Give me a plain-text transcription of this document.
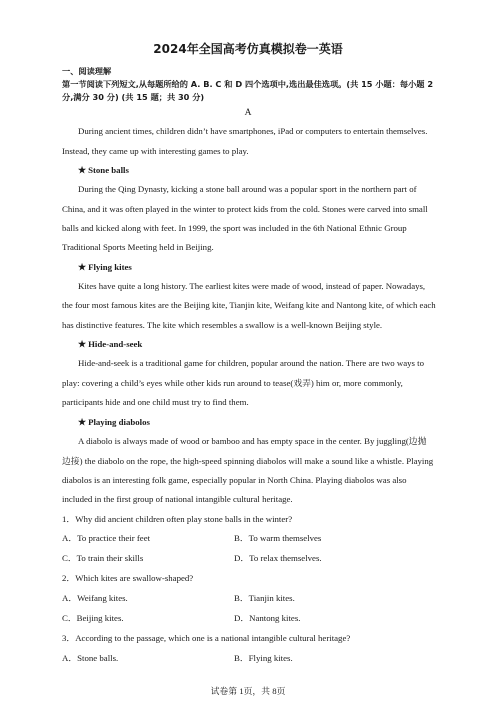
2024年全国高考仿真模拟卷一英语
一、阅读理解
第一节阅读下列短文,从每题所给的 A. B. C 和 D 四个选项中,选出最佳选项。(共 15 小题：每小题 2
分,满分 30 分) (共 15 题；共 30 分)
A
During ancient times, children didn’t have smartphones, iPad or computers to entertain themselves.
Instead, they came up with interesting games to play.
★ Stone balls
During the Qing Dynasty, kicking a stone ball around was a popular sport in the northern part of
China, and it was often played in the winter to protect kids from the cold. Stones were carved into small
balls and kicked along with feet. In 1999, the sport was included in the 6th National Ethnic Group
Traditional Sports Meeting held in Beijing.
★ Flying kites
Kites have quite a long history. The earliest kites were made of wood, instead of paper. Nowadays,
the four most famous kites are the Beijing kite, Tianjin kite, Weifang kite and Nantong kite, of which each
has distinctive features. The kite which resembles a swallow is a well-known Beijing style.
★ Hide-and-seek
Hide-and-seek is a traditional game for children, popular around the nation. There are two ways to
play: covering a child’s eyes while other kids run around to tease(戏弄) him or, more commonly,
participants hide and one child must try to find them.
★ Playing diabolos
A diabolo is always made of wood or bamboo and has empty space in the center. By juggling(边抛
边接) the diabolo on the rope, the high-speed spinning diabolos will make a sound like a whistle. Playing
diabolos is an interesting folk game, especially popular in North China. Playing diabolos was also
included in the first group of national intangible cultural heritage.
1．Why did ancient children often play stone balls in the winter?
A．To practice their feet	B．To warm themselves
C．To train their skills	D．To relax themselves.
2．Which kites are swallow-shaped?
A．Weifang kites.	B．Tianjin kites.
C．Beijing kites.	D．Nantong kites.
3．According to the passage, which one is a national intangible cultural heritage?
A．Stone balls.	B．Flying kites.
试卷第 1页，共 8页
